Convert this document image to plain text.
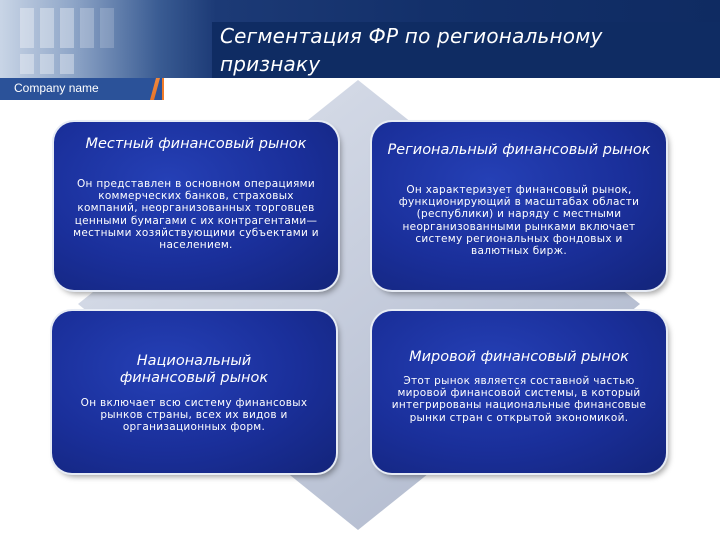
Company name
Сегментация ФР по региональному
признаку
Местный финансовый рынок
Он представлен в основном операциями коммерческих банков, страховых компаний, неорганизованных торговцев ценными бумагами с их контрагентами— местными хозяйствующими субъектами и населением.
Региональный финансовый рынок
Он характеризует финансовый рынок, функционирующий в масштабах области (республики) и наряду с местными неорганизованными рынками включает систему региональных фондовых и валютных бирж.
Национальный финансовый рынок
Он включает всю систему финансовых рынков страны, всех их видов и организационных форм.
Мировой финансовый рынок
Этот рынок является составной частью мировой финансовой системы, в который интегрированы национальные финансовые рынки стран с открытой экономикой.
